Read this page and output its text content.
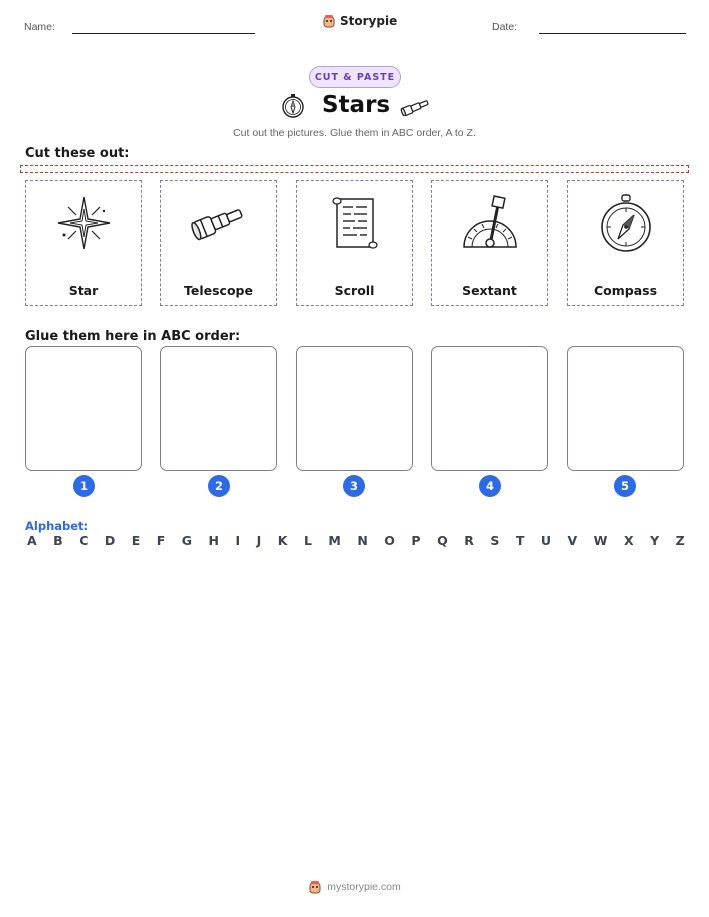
Name:	Storypie	Date:
CUT & PASTE
Stars
Cut out the pictures. Glue them in ABC order, A to Z.
Cut these out:
Star	Telescope	Scroll	Sextant	Compass
Glue them here in ABC order:
1	2	3	4	5
Alphabet:
A B C D E F G H I J K L M N O P Q R S T U V W X Y Z
mystorypie.com
